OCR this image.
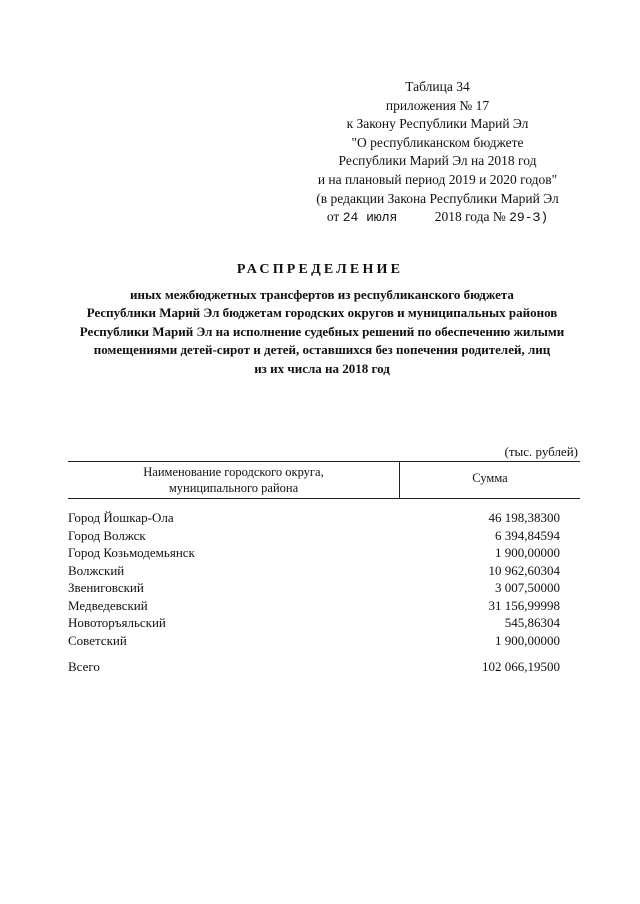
Таблица 34
приложения № 17
к Закону Республики Марий Эл
"О республиканском бюджете
Республики Марий Эл на 2018 год
и на плановый период 2019 и 2020 годов"
(в редакции Закона Республики Марий Эл
от 24 июля	2018 года № 29-З)
РАСПРЕДЕЛЕНИЕ
иных межбюджетных трансфертов из республиканского бюджета
Республики Марий Эл бюджетам городских округов и муниципальных районов
Республики Марий Эл на исполнение судебных решений по обеспечению жилыми
помещениями детей-сирот и детей, оставшихся без попечения родителей, лиц
из их числа на 2018 год
(тыс. рублей)
Наименование городского округа,
муниципального района
Сумма
Город Йошкар-Ола	46 198,38300
Город Волжск	6 394,84594
Город Козьмодемьянск	1 900,00000
Волжский	10 962,60304
Звениговский	3 007,50000
Медведевский	31 156,99998
Новоторъяльский	545,86304
Советский	1 900,00000
Всего	102 066,19500
